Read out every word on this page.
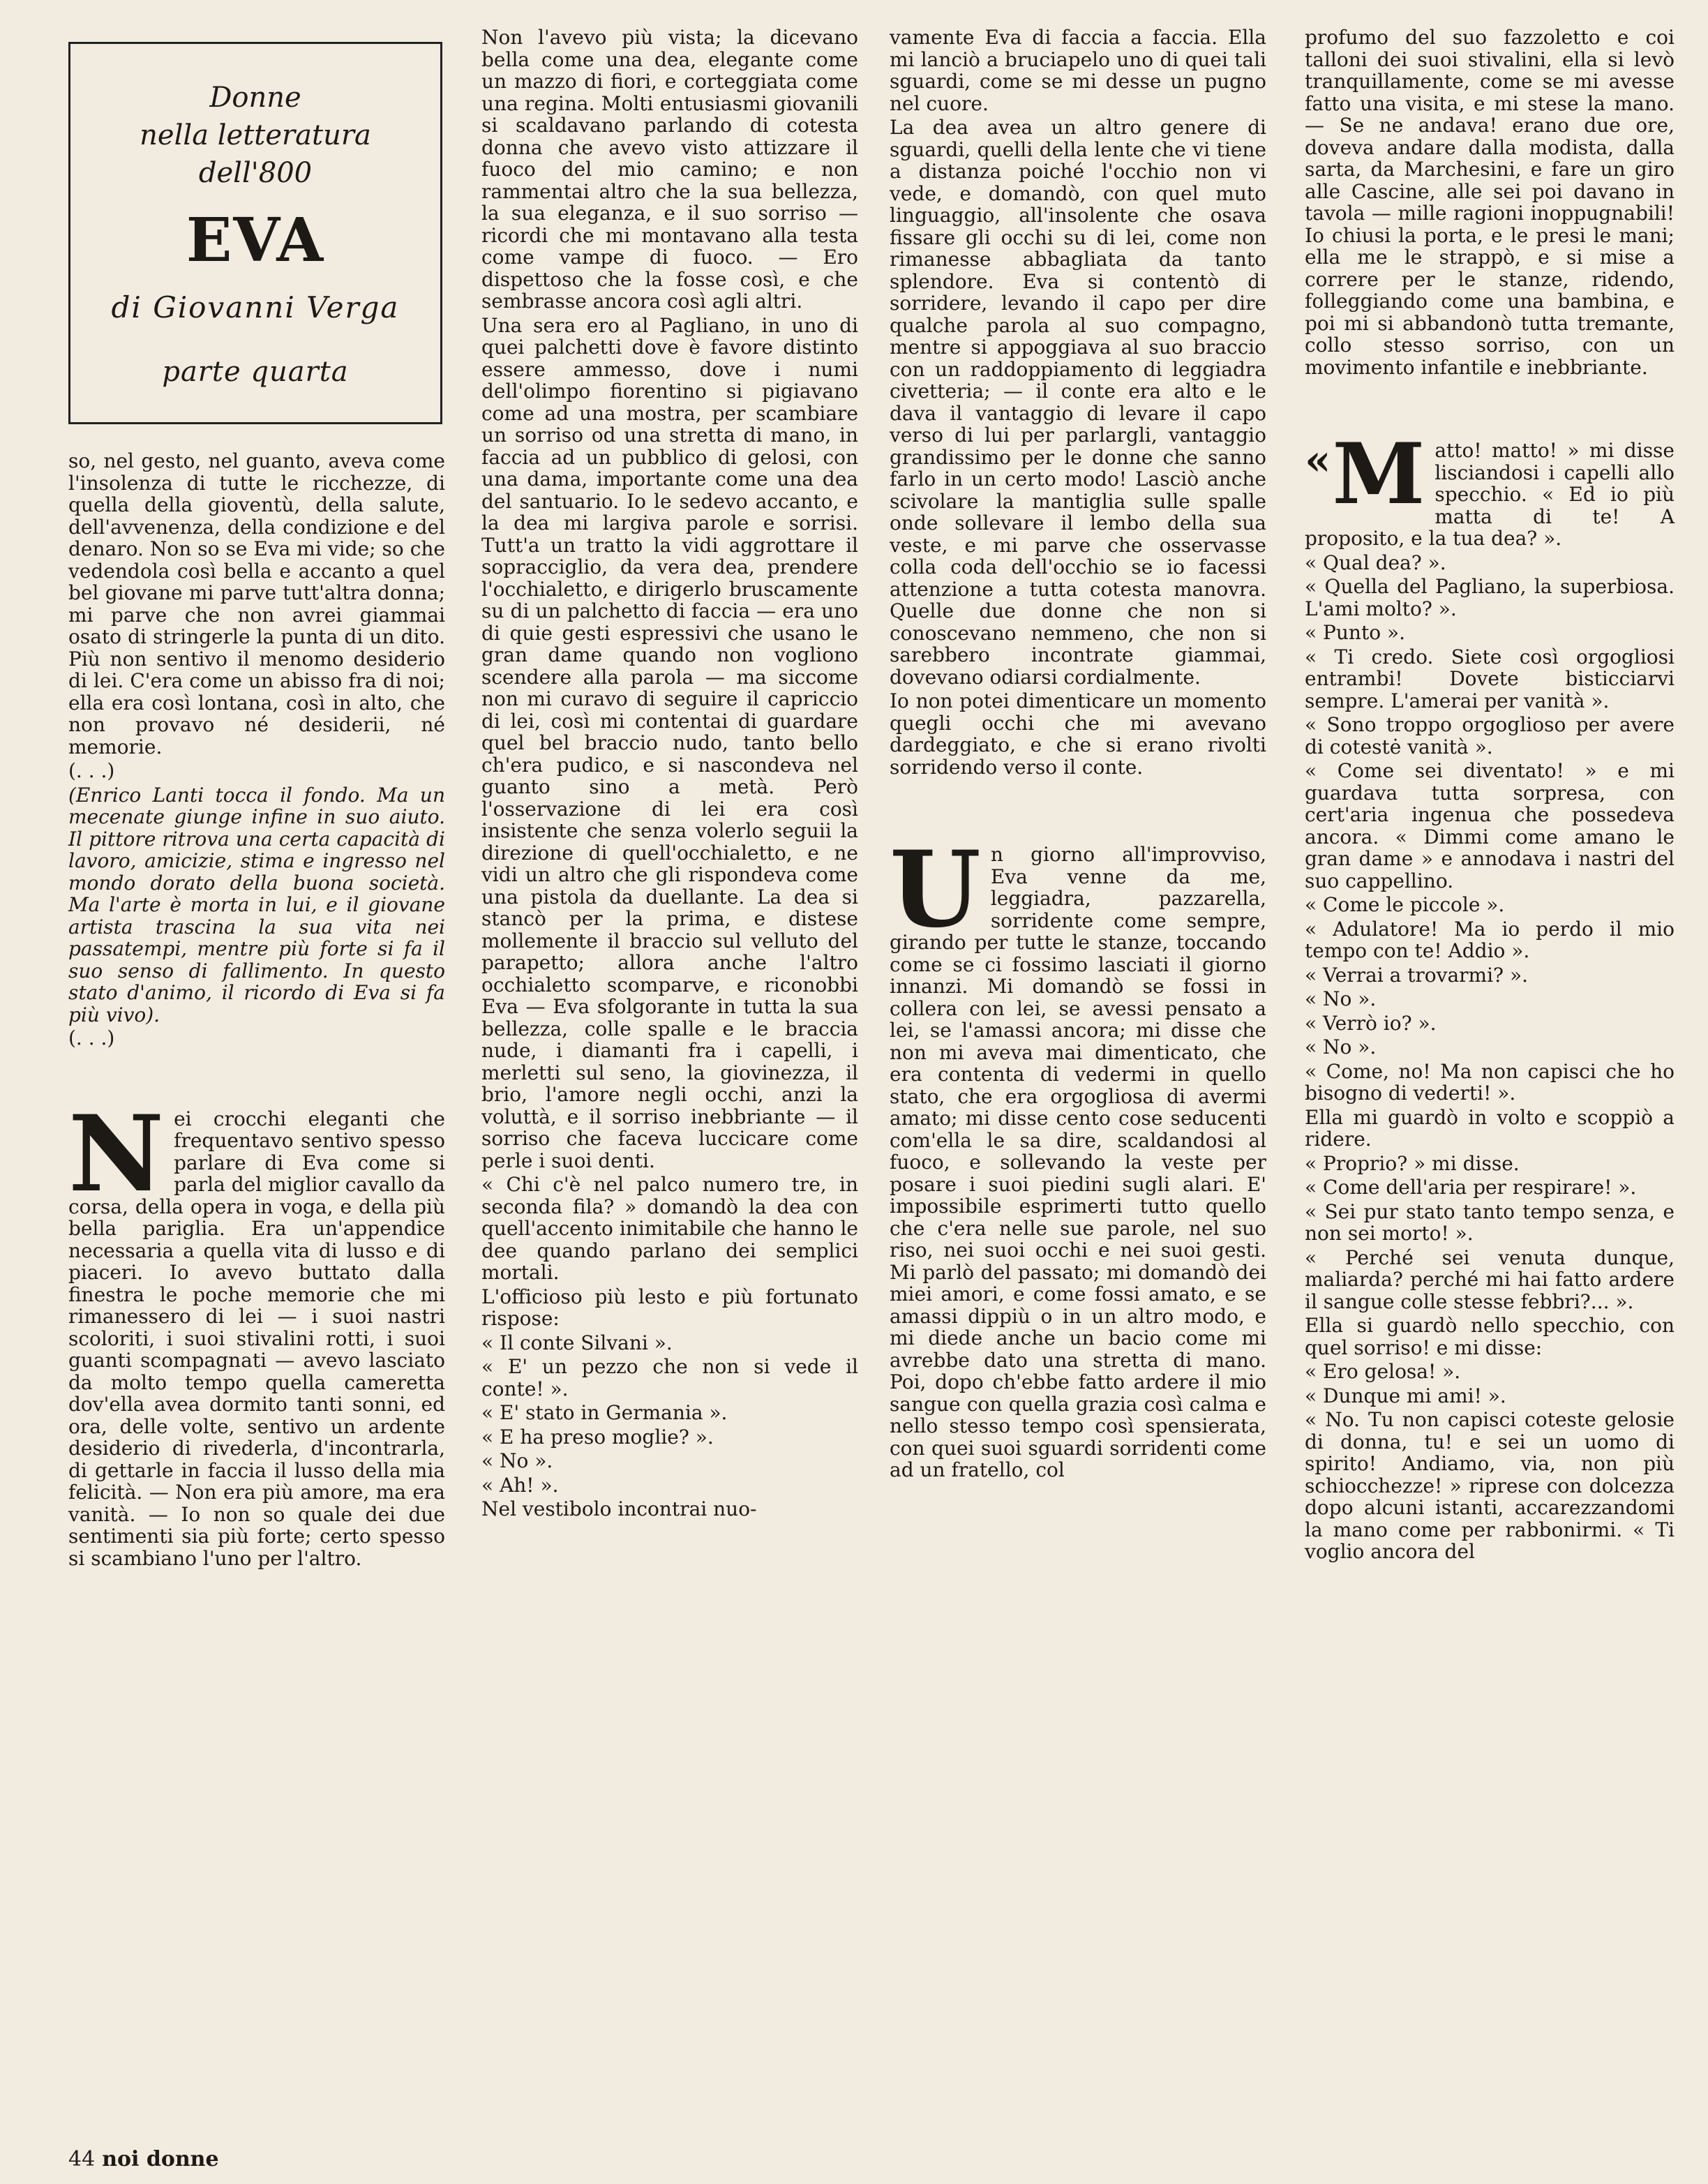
Donne
nella letteratura
dell'800
EVA
di Giovanni Verga
parte quarta

so, nel gesto, nel guanto, aveva come l'insolenza di tutte le ricchezze, di quella della gioventù, della salute, dell'avvenenza, della condizione e del denaro. Non so se Eva mi vide; so che vedendola così bella e accanto a quel bel giovane mi parve tutt'altra donna; mi parve che non avrei giammai osato di stringerle la punta di un dito. Più non sentivo il menomo desiderio di lei. C'era come un abisso fra di noi; ella era così lontana, così in alto, che non provavo né desiderii, né memorie.

(. . .)

(Enrico Lanti tocca il fondo. Ma un mecenate giunge infine in suo aiuto. Il pittore ritrova una certa capacità di lavoro, amicizie, stima e ingresso nel mondo dorato della buona società. Ma l'arte è morta in lui, e il giovane artista trascina la sua vita nei passatempi, mentre più forte si fa il suo senso di fallimento. In questo stato d'animo, il ricordo di Eva si fa più vivo).

(. . .)

Nei crocchi eleganti che frequentavo sentivo spesso parlare di Eva come si parla del miglior cavallo da corsa, della opera in voga, e della più bella pariglia. Era un'appendice necessaria a quella vita di lusso e di piaceri. Io avevo buttato dalla finestra le poche memorie che mi rimanessero di lei — i suoi nastri scoloriti, i suoi stivalini rotti, i suoi guanti scompagnati — avevo lasciato da molto tempo quella cameretta dov'ella avea dormito tanti sonni, ed ora, delle volte, sentivo un ardente desiderio di rivederla, d'incontrarla, di gettarle in faccia il lusso della mia felicità. — Non era più amore, ma era vanità. — Io non so quale dei due sentimenti sia più forte; certo spesso si scambiano l'uno per l'altro.

Non l'avevo più vista; la dicevano bella come una dea, elegante come un mazzo di fiori, e corteggiata come una regina. Molti entusiasmi giovanili si scaldavano parlando di cotesta donna che avevo visto attizzare il fuoco del mio camino; e non rammentai altro che la sua bellezza, la sua eleganza, e il suo sorriso — ricordi che mi montavano alla testa come vampe di fuoco. — Ero dispettoso che la fosse così, e che sembrasse ancora così agli altri.

Una sera ero al Pagliano, in uno di quei palchetti dove è favore distinto essere ammesso, dove i numi dell'olimpo fiorentino si pigiavano come ad una mostra, per scambiare un sorriso od una stretta di mano, in faccia ad un pubblico di gelosi, con una dama, importante come una dea del santuario. Io le sedevo accanto, e la dea mi largiva parole e sorrisi. Tutt'a un tratto la vidi aggrottare il sopracciglio, da vera dea, prendere l'occhialetto, e dirigerlo bruscamente su di un palchetto di faccia — era uno di quie gesti espressivi che usano le gran dame quando non vogliono scendere alla parola — ma siccome non mi curavo di seguire il capriccio di lei, così mi contentai di guardare quel bel braccio nudo, tanto bello ch'era pudico, e si nascondeva nel guanto sino a metà. Però l'osservazione di lei era così insistente che senza volerlo seguii la direzione di quell'occhialetto, e ne vidi un altro che gli rispondeva come una pistola da duellante. La dea si stancò per la prima, e distese mollemente il braccio sul velluto del parapetto; allora anche l'altro occhialetto scomparve, e riconobbi Eva — Eva sfolgorante in tutta la sua bellezza, colle spalle e le braccia nude, i diamanti fra i capelli, i merletti sul seno, la giovinezza, il brio, l'amore negli occhi, anzi la voluttà, e il sorriso inebbriante — il sorriso che faceva luccicare come perle i suoi denti.

« Chi c'è nel palco numero tre, in seconda fila? » domandò la dea con quell'accento inimitabile che hanno le dee quando parlano dei semplici mortali.

L'officioso più lesto e più fortunato rispose:

« Il conte Silvani ».

« E' un pezzo che non si vede il conte! ».

« E' stato in Germania ».

« E ha preso moglie? ».

« No ».

« Ah! ».

Nel vestibolo incontrai nuo-

vamente Eva di faccia a faccia. Ella mi lanciò a bruciapelo uno di quei tali sguardi, come se mi desse un pugno nel cuore.

La dea avea un altro genere di sguardi, quelli della lente che vi tiene a distanza poiché l'occhio non vi vede, e domandò, con quel muto linguaggio, all'insolente che osava fissare gli occhi su di lei, come non rimanesse abbagliata da tanto splendore. Eva si contentò di sorridere, levando il capo per dire qualche parola al suo compagno, mentre si appoggiava al suo braccio con un raddoppiamento di leggiadra civetteria; — il conte era alto e le dava il vantaggio di levare il capo verso di lui per parlargli, vantaggio grandissimo per le donne che sanno farlo in un certo modo! Lasciò anche scivolare la mantiglia sulle spalle onde sollevare il lembo della sua veste, e mi parve che osservasse colla coda dell'occhio se io facessi attenzione a tutta cotesta manovra. Quelle due donne che non si conoscevano nemmeno, che non si sarebbero incontrate giammai, dovevano odiarsi cordialmente.

Io non potei dimenticare un momento quegli occhi che mi avevano dardeggiato, e che si erano rivolti sorridendo verso il conte.

Un giorno all'improvviso, Eva venne da me, leggiadra, pazzarella, sorridente come sempre, girando per tutte le stanze, toccando come se ci fossimo lasciati il giorno innanzi. Mi domandò se fossi in collera con lei, se avessi pensato a lei, se l'amassi ancora; mi disse che non mi aveva mai dimenticato, che era contenta di vedermi in quello stato, che era orgogliosa di avermi amato; mi disse cento cose seducenti com'ella le sa dire, scaldandosi al fuoco, e sollevando la veste per posare i suoi piedini sugli alari. E' impossibile esprimerti tutto quello che c'era nelle sue parole, nel suo riso, nei suoi occhi e nei suoi gesti. Mi parlò del passato; mi domandò dei miei amori, e come fossi amato, e se amassi dippiù o in un altro modo, e mi diede anche un bacio come mi avrebbe dato una stretta di mano. Poi, dopo ch'ebbe fatto ardere il mio sangue con quella grazia così calma e nello stesso tempo così spensierata, con quei suoi sguardi sorridenti come ad un fratello, col

profumo del suo fazzoletto e coi talloni dei suoi stivalini, ella si levò tranquillamente, come se mi avesse fatto una visita, e mi stese la mano. — Se ne andava! erano due ore, doveva andare dalla modista, dalla sarta, da Marchesini, e fare un giro alle Cascine, alle sei poi davano in tavola — mille ragioni inoppugnabili! Io chiusi la porta, e le presi le mani; ella me le strappò, e si mise a correre per le stanze, ridendo, folleggiando come una bambina, e poi mi si abbandonò tutta tremante, collo stesso sorriso, con un movimento infantile e inebbriante.

« M atto! matto! » mi disse lisciandosi i capelli allo specchio. « Ed io più matta di te! A proposito, e la tua dea? ».

« Qual dea? ».

« Quella del Pagliano, la superbiosa. L'ami molto? ».

« Punto ».

« Ti credo. Siete così orgogliosi entrambi! Dovete bisticciarvi sempre. L'amerai per vanità ».

« Sono troppo orgoglioso per avere di cotestė vanità ».

« Come sei diventato! » e mi guardava tutta sorpresa, con cert'aria ingenua che possedeva ancora. « Dimmi come amano le gran dame » e annodava i nastri del suo cappellino.

« Come le piccole ».

« Adulatore! Ma io perdo il mio tempo con te! Addio ».

« Verrai a trovarmi? ».

« No ».

« Verrò io? ».

« No ».

« Come, no! Ma non capisci che ho bisogno di vederti! ».

Ella mi guardò in volto e scoppiò a ridere.

« Proprio? » mi disse.

« Come dell'aria per respirare! ».

« Sei pur stato tanto tempo senza, e non sei morto! ».

« Perché sei venuta dunque, maliarda? perché mi hai fatto ardere il sangue colle stesse febbri?... ».

Ella si guardò nello specchio, con quel sorriso! e mi disse:

« Ero gelosa! ».

« Dunque mi ami! ».

« No. Tu non capisci coteste gelosie di donna, tu! e sei un uomo di spirito! Andiamo, via, non più schiocchezze! » riprese con dolcezza dopo alcuni istanti, accarezzandomi la mano come per rabbonirmi. « Ti voglio ancora del

44 noi donne
